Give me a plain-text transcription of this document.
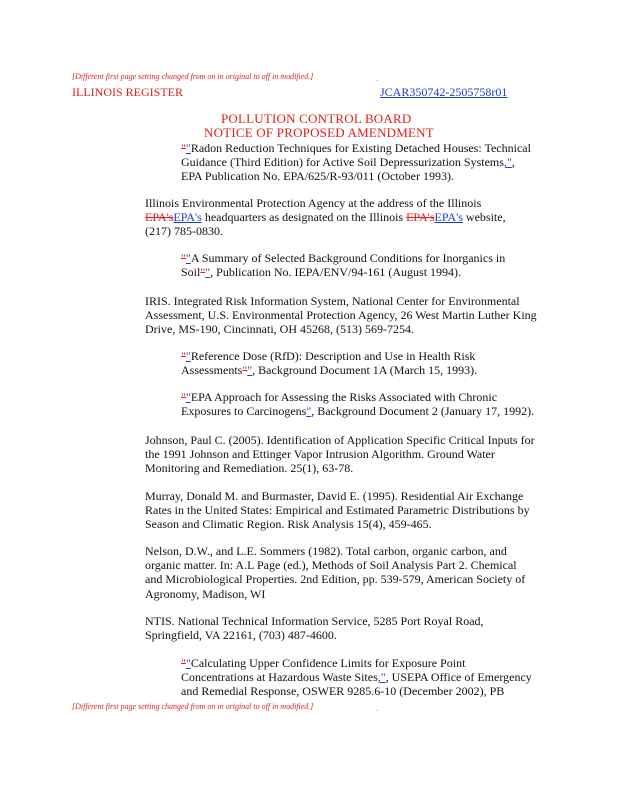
[Different first page setting changed from on in original to off in modified.]	.
ILLINOIS REGISTER	JCAR350742-2505758r01
POLLUTION CONTROL BOARD
NOTICE OF PROPOSED AMENDMENT
""Radon Reduction Techniques for Existing Detached Houses: Technical
Guidance (Third Edition) for Active Soil Depressurization Systems,",
EPA Publication No. EPA/625/R-93/011 (October 1993).
Illinois Environmental Protection Agency at the address of the Illinois
EPA'sEPA's headquarters as designated on the Illinois EPA'sEPA's website,
(217) 785-0830.
""A Summary of Selected Background Conditions for Inorganics in
Soil"", Publication No. IEPA/ENV/94-161 (August 1994).
IRIS. Integrated Risk Information System, National Center for Environmental
Assessment, U.S. Environmental Protection Agency, 26 West Martin Luther King
Drive, MS-190, Cincinnati, OH 45268, (513) 569-7254.
""Reference Dose (RfD): Description and Use in Health Risk
Assessments"", Background Document 1A (March 15, 1993).
""EPA Approach for Assessing the Risks Associated with Chronic
Exposures to Carcinogens", Background Document 2 (January 17, 1992).
Johnson, Paul C. (2005). Identification of Application Specific Critical Inputs for
the 1991 Johnson and Ettinger Vapor Intrusion Algorithm. Ground Water
Monitoring and Remediation. 25(1), 63-78.
Murray, Donald M. and Burmaster, David E. (1995). Residential Air Exchange
Rates in the United States: Empirical and Estimated Parametric Distributions by
Season and Climatic Region. Risk Analysis 15(4), 459-465.
Nelson, D.W., and L.E. Sommers (1982). Total carbon, organic carbon, and
organic matter. In: A.L Page (ed.), Methods of Soil Analysis Part 2. Chemical
and Microbiological Properties. 2nd Edition, pp. 539-579, American Society of
Agronomy, Madison, WI
NTIS. National Technical Information Service, 5285 Port Royal Road,
Springfield, VA 22161, (703) 487-4600.
""Calculating Upper Confidence Limits for Exposure Point
Concentrations at Hazardous Waste Sites,", USEPA Office of Emergency
and Remedial Response, OSWER 9285.6-10 (December 2002), PB
[Different first page setting changed from on in original to off in modified.]	.
